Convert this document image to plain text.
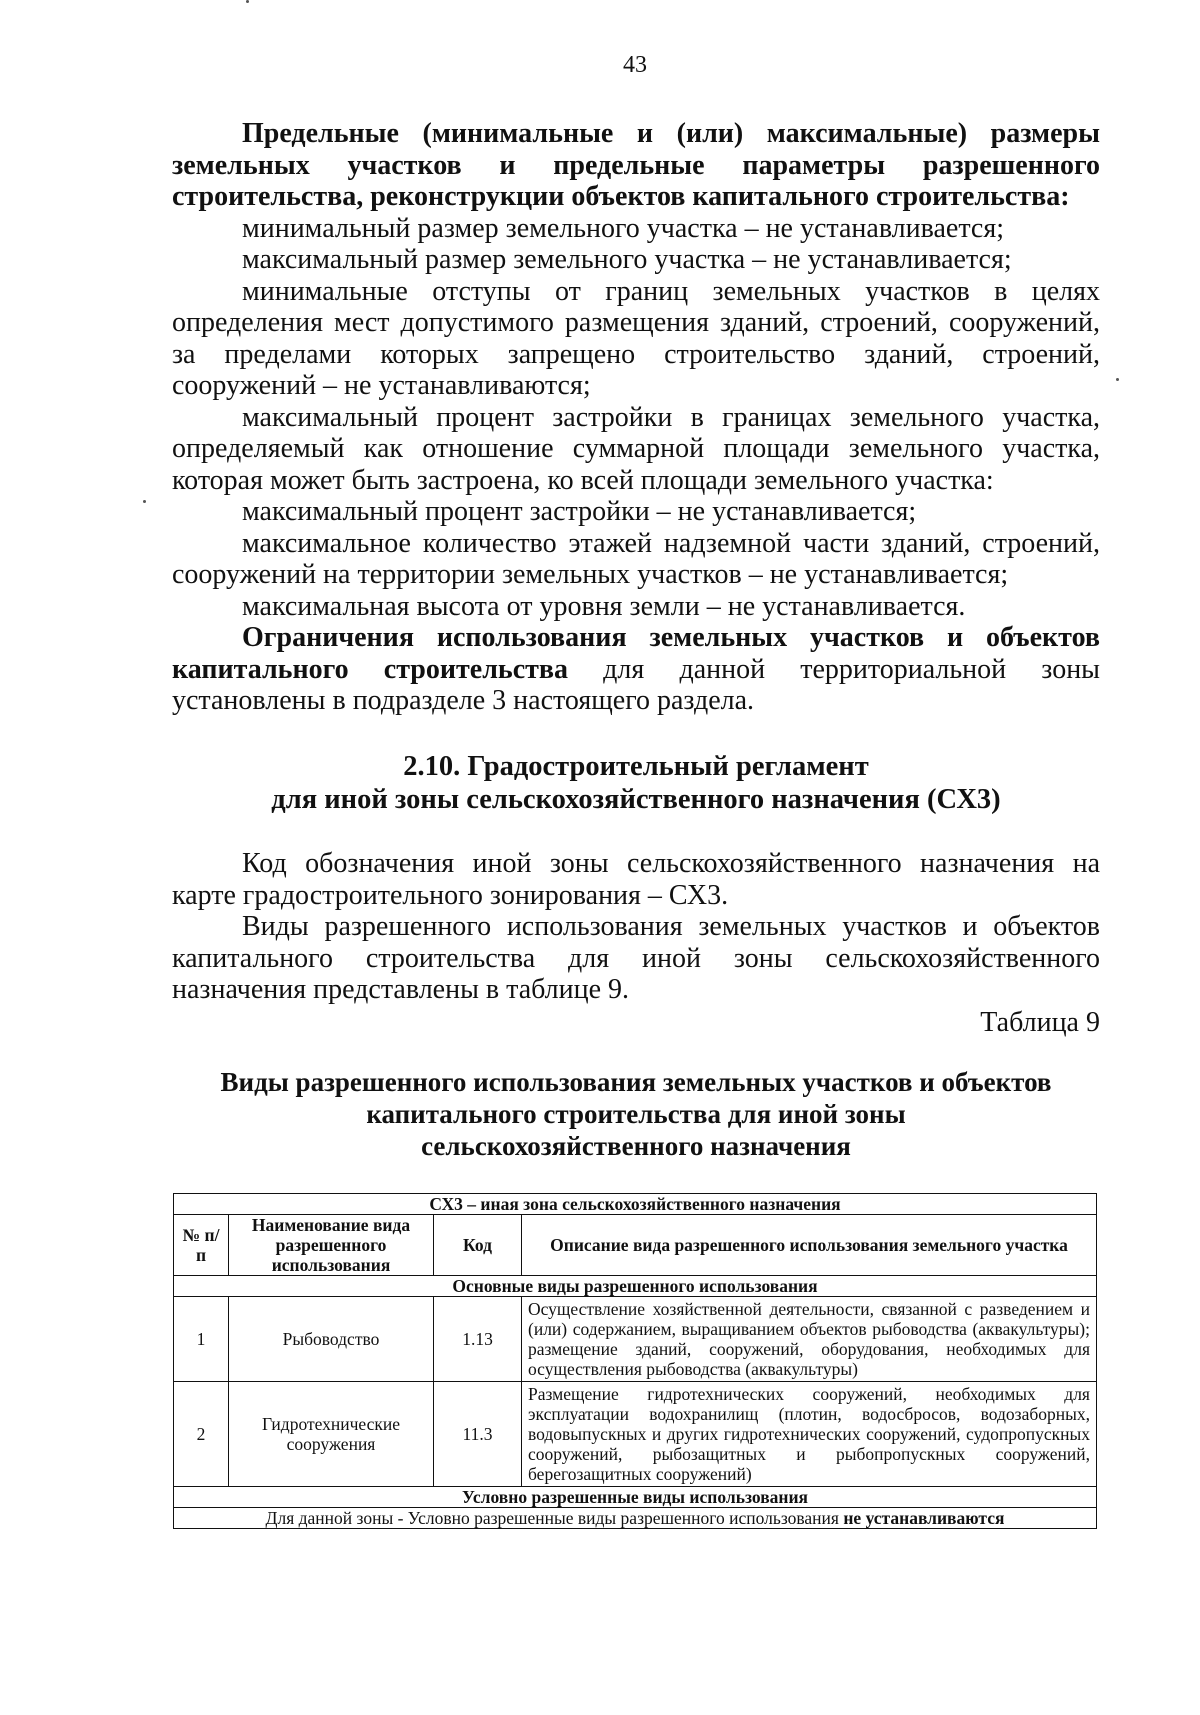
43

Предельные (минимальные и (или) максимальные) размеры земельных участков и предельные параметры разрешенного строительства, реконструкции объектов капитального строительства:

минимальный размер земельного участка – не устанавливается;

максимальный размер земельного участка – не устанавливается;

минимальные отступы от границ земельных участков в целях определения мест допустимого размещения зданий, строений, сооружений, за пределами которых запрещено строительство зданий, строений, сооружений – не устанавливаются;

максимальный процент застройки в границах земельного участка, определяемый как отношение суммарной площади земельного участка, которая может быть застроена, ко всей площади земельного участка:

максимальный процент застройки – не устанавливается;

максимальное количество этажей надземной части зданий, строений, сооружений на территории земельных участков – не устанавливается;

максимальная высота от уровня земли – не устанавливается.

Ограничения использования земельных участков и объектов капитального строительства для данной территориальной зоны установлены в подразделе 3 настоящего раздела.

2.10. Градостроительный регламент
для иной зоны сельскохозяйственного назначения (СХ3)

Код обозначения иной зоны сельскохозяйственного назначения на карте градостроительного зонирования – СХ3.

Виды разрешенного использования земельных участков и объектов капитального строительства для иной зоны сельскохозяйственного назначения представлены в таблице 9.

Таблица 9
Виды разрешенного использования земельных участков и объектов
капитального строительства для иной зоны
сельскохозяйственного назначения
СХ3 – иная зона сельскохозяйственного назначения			
№ п/п	Наименование вида разрешенного использования	Код	Описание вида разрешенного использования земельного участка
Основные виды разрешенного использования			
1	Рыбоводство	1.13	Осуществление хозяйственной деятельности, связанной с разведением и (или) содержанием, выращиванием объектов рыбоводства (аквакультуры); размещение зданий, сооружений, оборудования, необходимых для осуществления рыбоводства (аквакультуры)
2	Гидротехнические сооружения	11.3	Размещение гидротехнических сооружений, необходимых для эксплуатации водохранилищ (плотин, водосбросов, водозаборных, водовыпускных и других гидротехнических сооружений, судопропускных сооружений, рыбозащитных и рыбопропускных сооружений, берегозащитных сооружений)
Условно разрешенные виды использования			
Для данной зоны - Условно разрешенные виды разрешенного использования не устанавливаются			
